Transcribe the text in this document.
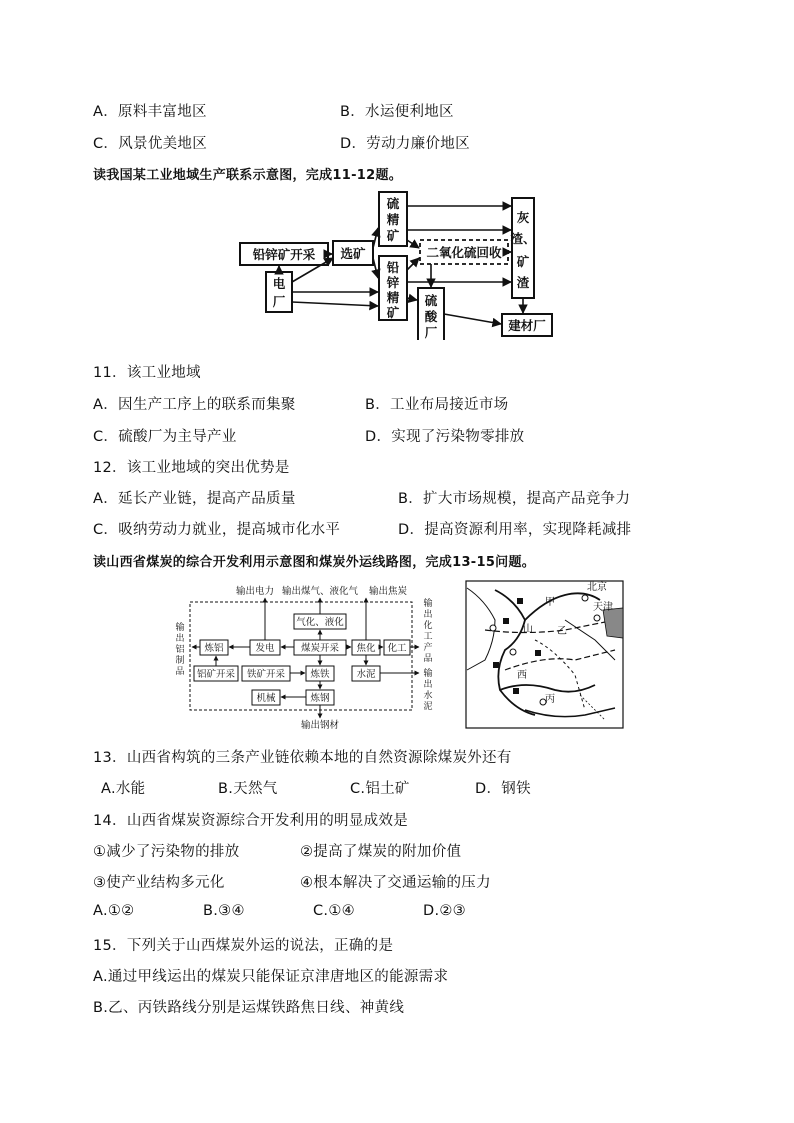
A．原料丰富地区	B．水运便利地区
C．风景优美地区	D．劳动力廉价地区
读我国某工业地域生产联系示意图，完成11-12题。
铅锌矿开采 选矿
电
厂
硫
精
矿
铅
锌
精
矿
二氧化硫回收
硫
酸
厂
灰
渣、
矿
渣
建材厂
11．该工业地域
A．因生产工序上的联系而集聚	B．工业布局接近市场
C．硫酸厂为主导产业	D．实现了污染物零排放
12．该工业地域的突出优势是
A．延长产业链，提高产品质量	B．扩大市场规模，提高产品竞争力
C．吸纳劳动力就业，提高城市化水平	D．提高资源利用率，实现降耗减排
读山西省煤炭的综合开发利用示意图和煤炭外运线路图，完成13-15问题。
输出电力 输出煤气、液化气 输出焦炭
输出钢材
输
出
化
工
产
品
输
出
铝
制
品	输
出
水
泥
气化、液化
炼铝	发电	煤炭开采 焦化 化工
铝矿开采 铁矿开采	炼铁	水泥
机械	炼钢
北京
天津
甲
乙
丙
山
西
13．山西省构筑的三条产业链依赖本地的自然资源除煤炭外还有
A.水能	B.天然气	C.铝土矿	D．钢铁
14．山西省煤炭资源综合开发利用的明显成效是
①减少了污染物的排放	②提高了煤炭的附加价值
③使产业结构多元化	④根本解决了交通运输的压力
A.①②	B.③④	C.①④	D.②③
15．下列关于山西煤炭外运的说法，正确的是
A.通过甲线运出的煤炭只能保证京津唐地区的能源需求
B.乙、丙铁路线分别是运煤铁路焦日线、神黄线
